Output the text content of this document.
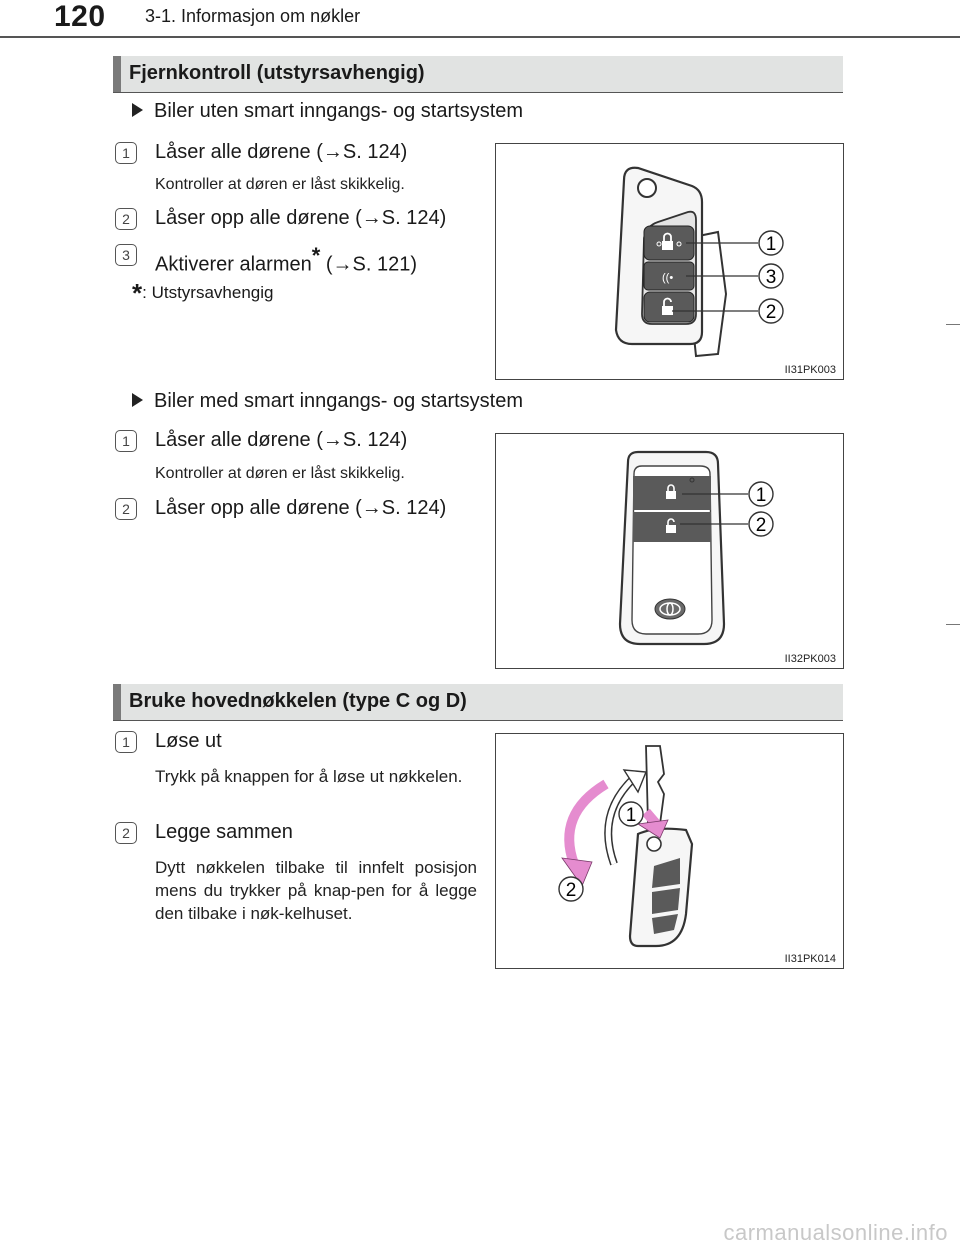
120 3-1. Informasjon om nøkler
Fjernkontroll (utstyrsavhengig)
Biler uten smart inngangs- og startsystem
1	Låser alle dørene (→S. 124)
Kontroller at døren er låst skikkelig.
2	Låser opp alle dørene (→S. 124)
3	Aktiverer alarmen* (→S. 121)
*: Utstyrsavhengig
((•
1
3
2
II31PK003
Biler med smart inngangs- og startsystem
1	Låser alle dørene (→S. 124)
Kontroller at døren er låst skikkelig.
2	Låser opp alle dørene (→S. 124)
1
2
II32PK003
Bruke hovednøkkelen (type C og D)
1	Løse ut
Trykk på knappen for å løse ut nøkkelen.
2	Legge sammen
Dytt nøkkelen tilbake til innfelt posisjon mens du trykker på knap-pen for å legge den tilbake i nøk-kelhuset.
1
2
II31PK014
carmanualsonline.info
